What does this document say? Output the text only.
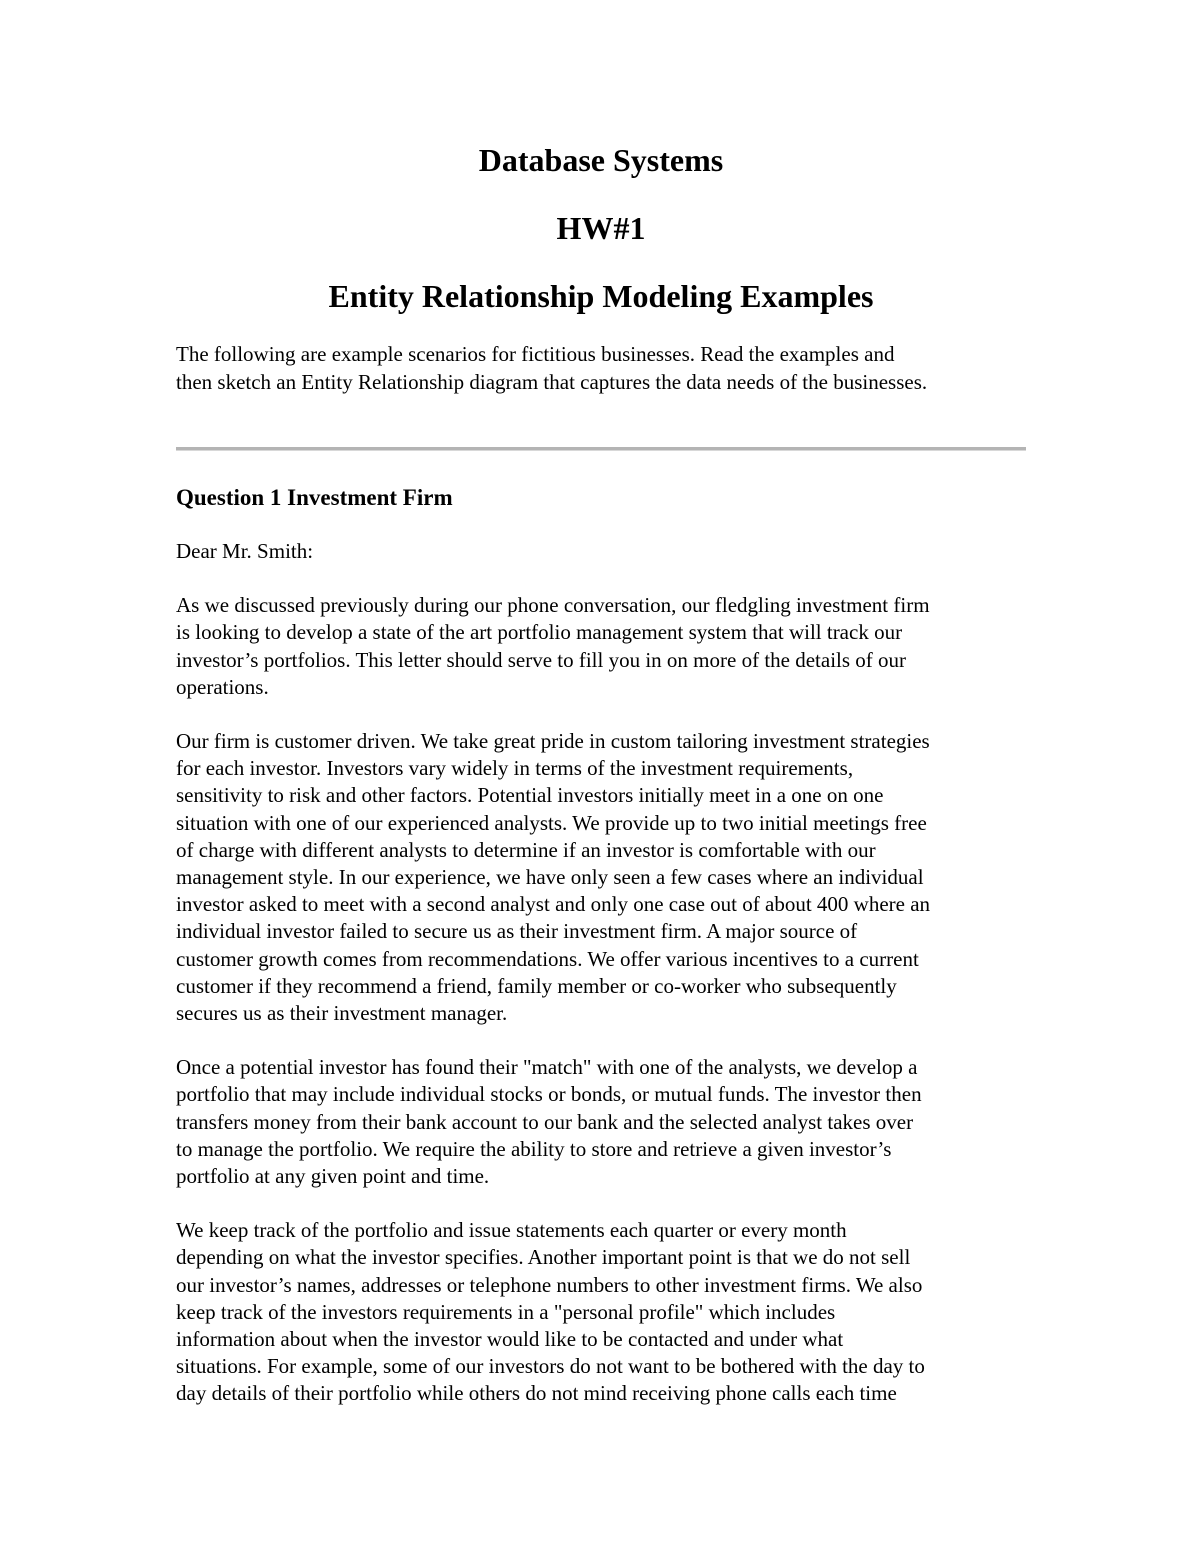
Database Systems
HW#1
Entity Relationship Modeling Examples
The following are example scenarios for fictitious businesses. Read the examples and
then sketch an Entity Relationship diagram that captures the data needs of the businesses.
Question 1 Investment Firm

Dear Mr. Smith:

As we discussed previously during our phone conversation, our fledgling investment firm
is looking to develop a state of the art portfolio management system that will track our
investor’s portfolios. This letter should serve to fill you in on more of the details of our
operations.

Our firm is customer driven. We take great pride in custom tailoring investment strategies
for each investor. Investors vary widely in terms of the investment requirements,
sensitivity to risk and other factors. Potential investors initially meet in a one on one
situation with one of our experienced analysts. We provide up to two initial meetings free
of charge with different analysts to determine if an investor is comfortable with our
management style. In our experience, we have only seen a few cases where an individual
investor asked to meet with a second analyst and only one case out of about 400 where an
individual investor failed to secure us as their investment firm. A major source of
customer growth comes from recommendations. We offer various incentives to a current
customer if they recommend a friend, family member or co-worker who subsequently
secures us as their investment manager.

Once a potential investor has found their "match" with one of the analysts, we develop a
portfolio that may include individual stocks or bonds, or mutual funds. The investor then
transfers money from their bank account to our bank and the selected analyst takes over
to manage the portfolio. We require the ability to store and retrieve a given investor’s
portfolio at any given point and time.

We keep track of the portfolio and issue statements each quarter or every month
depending on what the investor specifies. Another important point is that we do not sell
our investor’s names, addresses or telephone numbers to other investment firms. We also
keep track of the investors requirements in a "personal profile" which includes
information about when the investor would like to be contacted and under what
situations. For example, some of our investors do not want to be bothered with the day to
day details of their portfolio while others do not mind receiving phone calls each time
